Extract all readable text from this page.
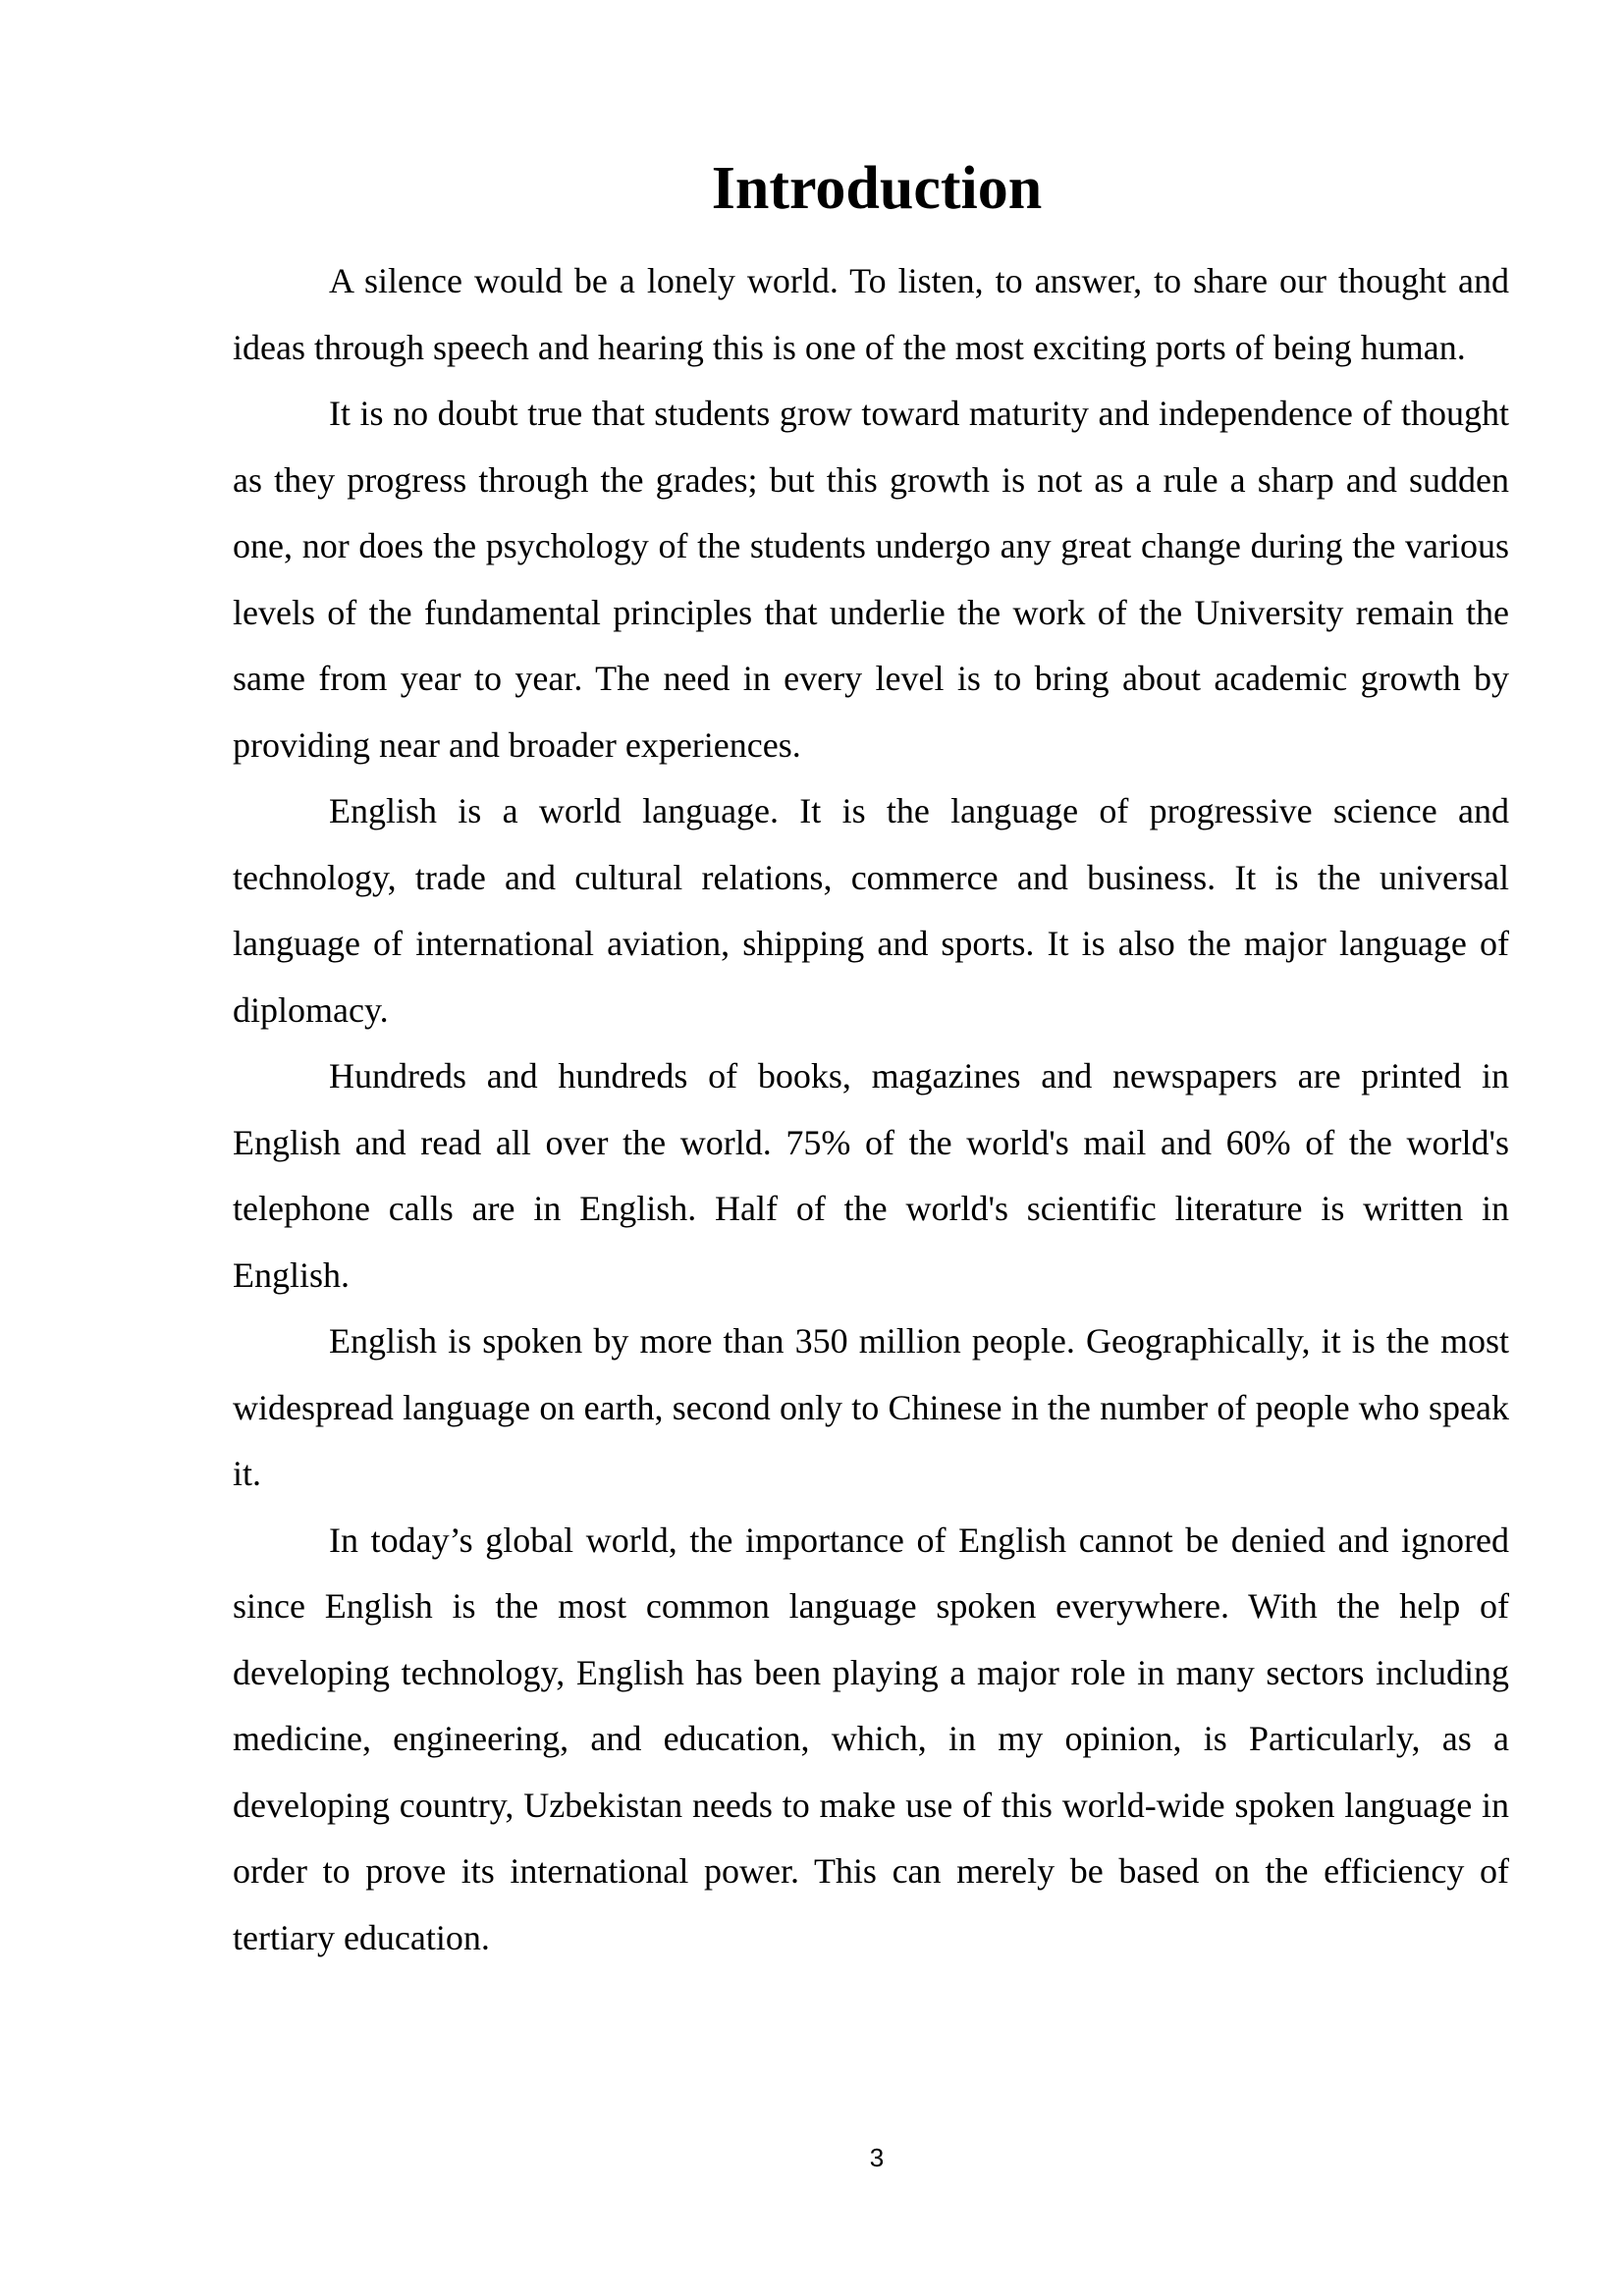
Introduction

A silence would be a lonely world. To listen, to answer, to share our thought and ideas through speech and hearing this is one of the most exciting ports of being human.

It is no doubt true that students grow toward maturity and independence of thought as they progress through the grades; but this growth is not as a rule a sharp and sudden one, nor does the psychology of the students undergo any great change during the various levels of the fundamental principles that underlie the work of the University remain the same from year to year. The need in every level is to bring about academic growth by providing near and broader experiences.

English is a world language. It is the language of progressive science and technology, trade and cultural relations, commerce and business. It is the universal language of international aviation, shipping and sports. It is also the major language of diplomacy.

Hundreds and hundreds of books, magazines and newspapers are printed in English and read all over the world. 75% of the world's mail and 60% of the world's telephone calls are in English. Half of the world's scientific literature is written in English.

English is spoken by more than 350 million people. Geographically, it is the most widespread language on earth, second only to Chinese in the number of people who speak it.

In today’s global world, the importance of English cannot be denied and ignored since English is the most common language spoken everywhere. With the help of developing technology, English has been playing a major role in many sectors including medicine, engineering, and education, which, in my opinion, is Particularly, as a developing country, Uzbekistan needs to make use of this world-wide spoken language in order to prove its international power. This can merely be based on the efficiency of tertiary education.

3
